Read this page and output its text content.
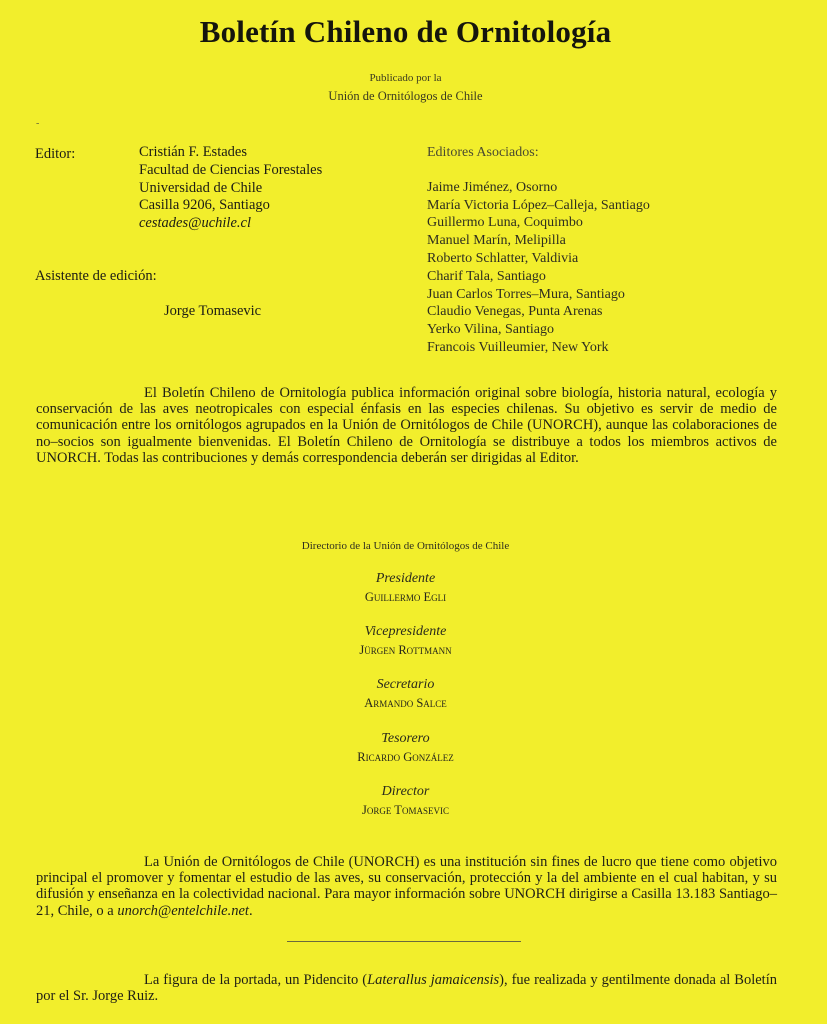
Boletín Chileno de Ornitología
Publicado por la
Unión de Ornitólogos de Chile
-
Editor:	Cristián F. Estades
Facultad de Ciencias Forestales
Universidad de Chile
Casilla 9206, Santiago
cestades@uchile.cl
Asistente de edición:
Jorge Tomasevic
Editores Asociados:
Jaime Jiménez, Osorno
María Victoria López–Calleja, Santiago
Guillermo Luna, Coquimbo
Manuel Marín, Melipilla
Roberto Schlatter, Valdivia
Charif Tala, Santiago
Juan Carlos Torres–Mura, Santiago
Claudio Venegas, Punta Arenas
Yerko Vilina, Santiago
Francois Vuilleumier, New York
El Boletín Chileno de Ornitología publica información original sobre biología, historia natural, ecología y conservación de las aves neotropicales con especial énfasis en las especies chilenas. Su objetivo es servir de medio de comunicación entre los ornitólogos agrupados en la Unión de Ornitólogos de Chile (UNORCH), aunque las colaboraciones de no–socios son igualmente bienvenidas. El Boletín Chileno de Ornitología se distribuye a todos los miembros activos de UNORCH. Todas las contribuciones y demás correspondencia deberán ser dirigidas al Editor.
Directorio de la Unión de Ornitólogos de Chile
Presidente
Guillermo Egli
Vicepresidente
Jürgen Rottmann
Secretario
Armando Salce
Tesorero
Ricardo González
Director
Jorge Tomasevic
La Unión de Ornitólogos de Chile (UNORCH) es una institución sin fines de lucro que tiene como objetivo principal el promover y fomentar el estudio de las aves, su conservación, protección y la del ambiente en el cual habitan, y su difusión y enseñanza en la colectividad nacional. Para mayor información sobre UNORCH dirigirse a Casilla 13.183 Santiago–21, Chile, o a unorch@entelchile.net.
La figura de la portada, un Pidencito (Laterallus jamaicensis), fue realizada y gentilmente donada al Boletín por el Sr. Jorge Ruiz.
